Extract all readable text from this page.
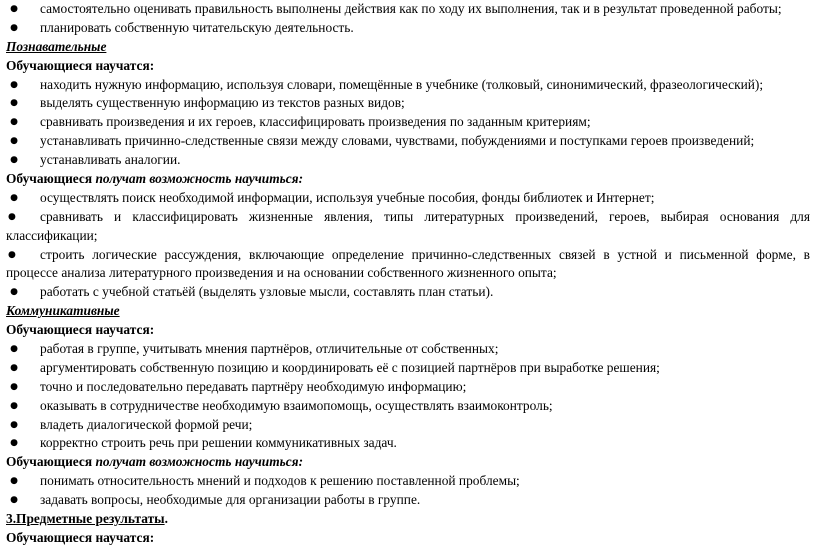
● самостоятельно оценивать правильность выполнены действия как по ходу их выполнения, так и в результат проведенной работы;
● планировать собственную читательскую деятельность.
Познавательные
Обучающиеся научатся:
● находить нужную информацию, используя словари, помещённые в учебнике (толковый, синонимический, фразеологический);
● выделять существенную информацию из текстов разных видов;
● сравнивать произведения и их героев, классифицировать произведения по заданным критериям;
● устанавливать причинно-следственные связи между словами, чувствами, побуждениями и поступками героев произведений;
● устанавливать аналогии.
Обучающиеся получат возможность научиться:
● осуществлять поиск необходимой информации, используя учебные пособия, фонды библиотек и Интернет;
●	сравнивать и классифицировать жизненные явления, типы литературных произведений, героев, выбирая основания для
классификации;
●	строить логические рассуждения, включающие определение причинно-следственных связей в устной и письменной форме, в
процессе анализа литературного произведения и на основании собственного жизненного опыта;
● работать с учебной статьёй (выделять узловые мысли, составлять план статьи).
Коммуникативные
Обучающиеся научатся:
● работая в группе, учитывать мнения партнёров, отличительные от собственных;
● аргументировать собственную позицию и координировать её с позицией партнёров при выработке решения;
● точно и последовательно передавать партнёру необходимую информацию;
● оказывать в сотрудничестве необходимую взаимопомощь, осуществлять взаимоконтроль;
● владеть диалогической формой речи;
● корректно строить речь при решении коммуникативных задач.
Обучающиеся получат возможность научиться:
● понимать относительность мнений и подходов к решению поставленной проблемы;
● задавать вопросы, необходимые для организации работы в группе.
3.Предметные результаты.
Обучающиеся научатся:
